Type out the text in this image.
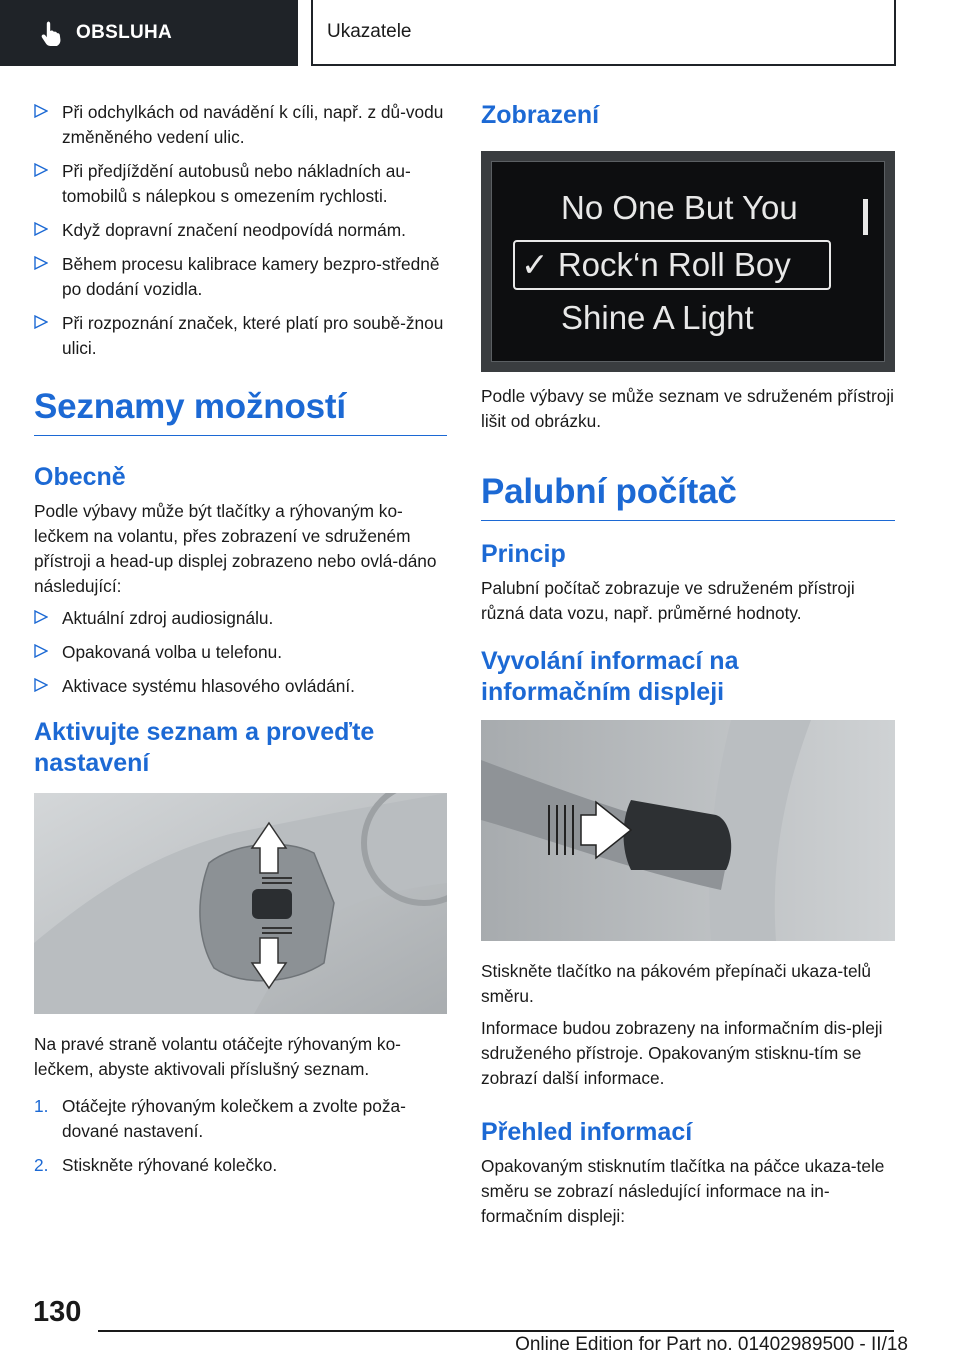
OBSLUHA	Ukazatele
Při odchylkách od navádění k cíli, např. z dů‐vodu změněného vedení ulic.
Při předjíždění autobusů nebo nákladních au‐tomobilů s nálepkou s omezením rychlosti.
Když dopravní značení neodpovídá normám.
Během procesu kalibrace kamery bezpro‐středně po dodání vozidla.
Při rozpoznání značek, které platí pro soubě‐žnou ulici.
Seznamy možností
Obecně

Podle výbavy může být tlačítky a rýhovaným ko‐lečkem na volantu, přes zobrazení ve sdruženém přístroji a head-up displej zobrazeno nebo ovlá‐dáno následující:

Aktuální zdroj audiosignálu.
Opakovaná volba u telefonu.
Aktivace systému hlasového ovládání.
Aktivujte seznam a proveďte nastavení

Na pravé straně volantu otáčejte rýhovaným ko‐lečkem, abyste aktivovali příslušný seznam.

1. Otáčejte rýhovaným kolečkem a zvolte poža‐dované nastavení.
2. Stiskněte rýhované kolečko.
Zobrazení
No One But You
✓ Rock‘n Roll Boy
Shine A Light

Podle výbavy se může seznam ve sdruženém přístroji lišit od obrázku.

Palubní počítač
Princip

Palubní počítač zobrazuje ve sdruženém přístroji různá data vozu, např. průměrné hodnoty.

Vyvolání informací na informačním displeji

Stiskněte tlačítko na pákovém přepínači ukaza‐telů směru.

Informace budou zobrazeny na informačním dis‐pleji sdruženého přístroje. Opakovaným stisknu‐tím se zobrazí další informace.

Přehled informací

Opakovaným stisknutím tlačítka na páčce ukaza‐tele směru se zobrazí následující informace na in‐formačním displeji:

130
Online Edition for Part no. 01402989500 - II/18
